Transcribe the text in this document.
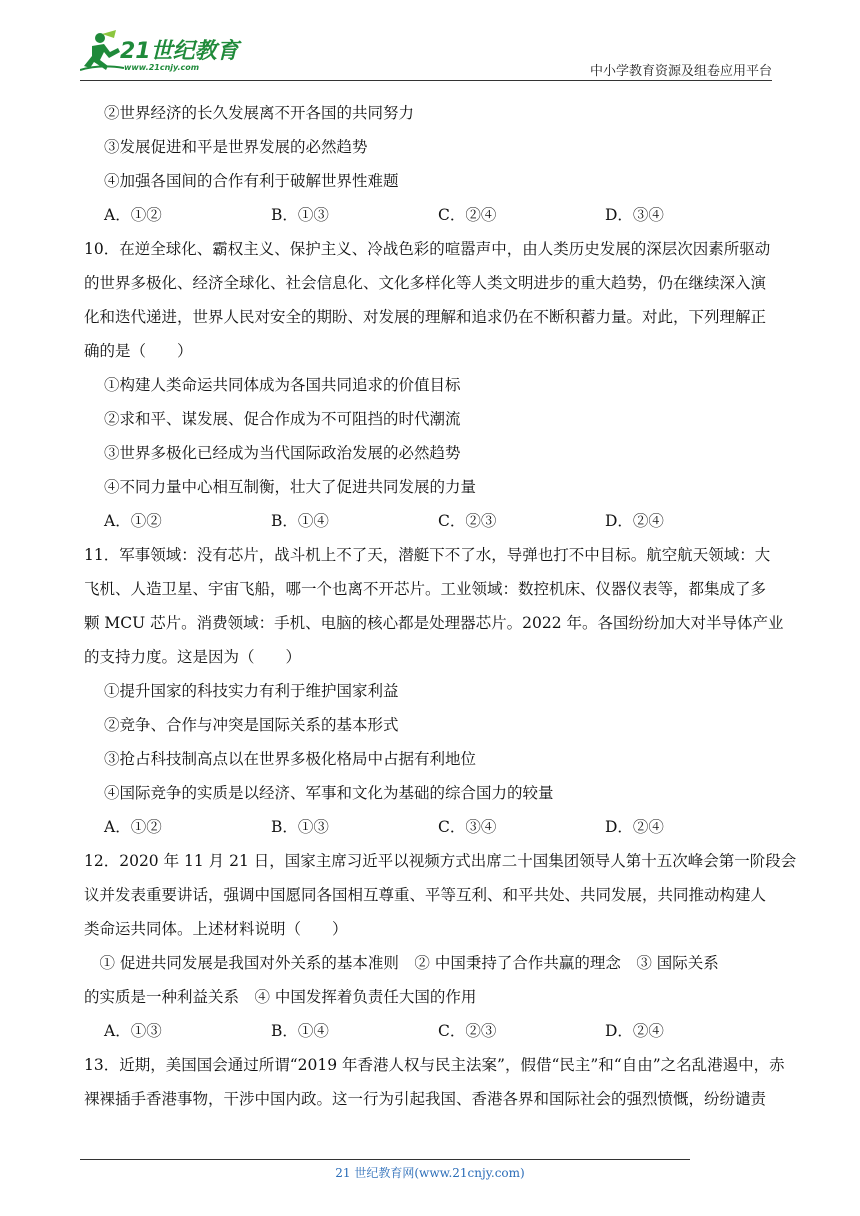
21世纪教育
www.21cnjy.com	中小学教育资源及组卷应用平台
②世界经济的长久发展离不开各国的共同努力
③发展促进和平是世界发展的必然趋势
④加强各国间的合作有利于破解世界性难题
A．①②	B．①③	C．②④	D．③④
10．在逆全球化、霸权主义、保护主义、冷战色彩的喧嚣声中，由人类历史发展的深层次因素所驱动
的世界多极化、经济全球化、社会信息化、文化多样化等人类文明进步的重大趋势，仍在继续深入演
化和迭代递进，世界人民对安全的期盼、对发展的理解和追求仍在不断积蓄力量。对此，下列理解正
确的是（　　）
①构建人类命运共同体成为各国共同追求的价值目标
②求和平、谋发展、促合作成为不可阻挡的时代潮流
③世界多极化已经成为当代国际政治发展的必然趋势
④不同力量中心相互制衡，壮大了促进共同发展的力量
A．①②	B．①④	C．②③	D．②④
11．军事领域：没有芯片，战斗机上不了天，潜艇下不了水，导弹也打不中目标。航空航天领域：大
飞机、人造卫星、宇宙飞船，哪一个也离不开芯片。工业领域：数控机床、仪器仪表等，都集成了多
颗 MCU 芯片。消费领域：手机、电脑的核心都是处理器芯片。2022 年。各国纷纷加大对半导体产业
的支持力度。这是因为（　　）
①提升国家的科技实力有利于维护国家利益
②竞争、合作与冲突是国际关系的基本形式
③抢占科技制高点以在世界多极化格局中占据有利地位
④国际竞争的实质是以经济、军事和文化为基础的综合国力的较量
A．①②	B．①③	C．③④	D．②④
12．2020 年 11 月 21 日，国家主席习近平以视频方式出席二十国集团领导人第十五次峰会第一阶段会
议并发表重要讲话，强调中国愿同各国相互尊重、平等互利、和平共处、共同发展，共同推动构建人
类命运共同体。上述材料说明（　　）
　① 促进共同发展是我国对外关系的基本准则　② 中国秉持了合作共赢的理念　③ 国际关系
的实质是一种利益关系　④ 中国发挥着负责任大国的作用
A．①③	B．①④	C．②③	D．②④
13．近期，美国国会通过所谓“2019 年香港人权与民主法案”，假借“民主”和“自由”之名乱港遏中，赤
裸裸插手香港事物，干涉中国内政。这一行为引起我国、香港各界和国际社会的强烈愤慨，纷纷谴责
21 世纪教育网(www.21cnjy.com)
